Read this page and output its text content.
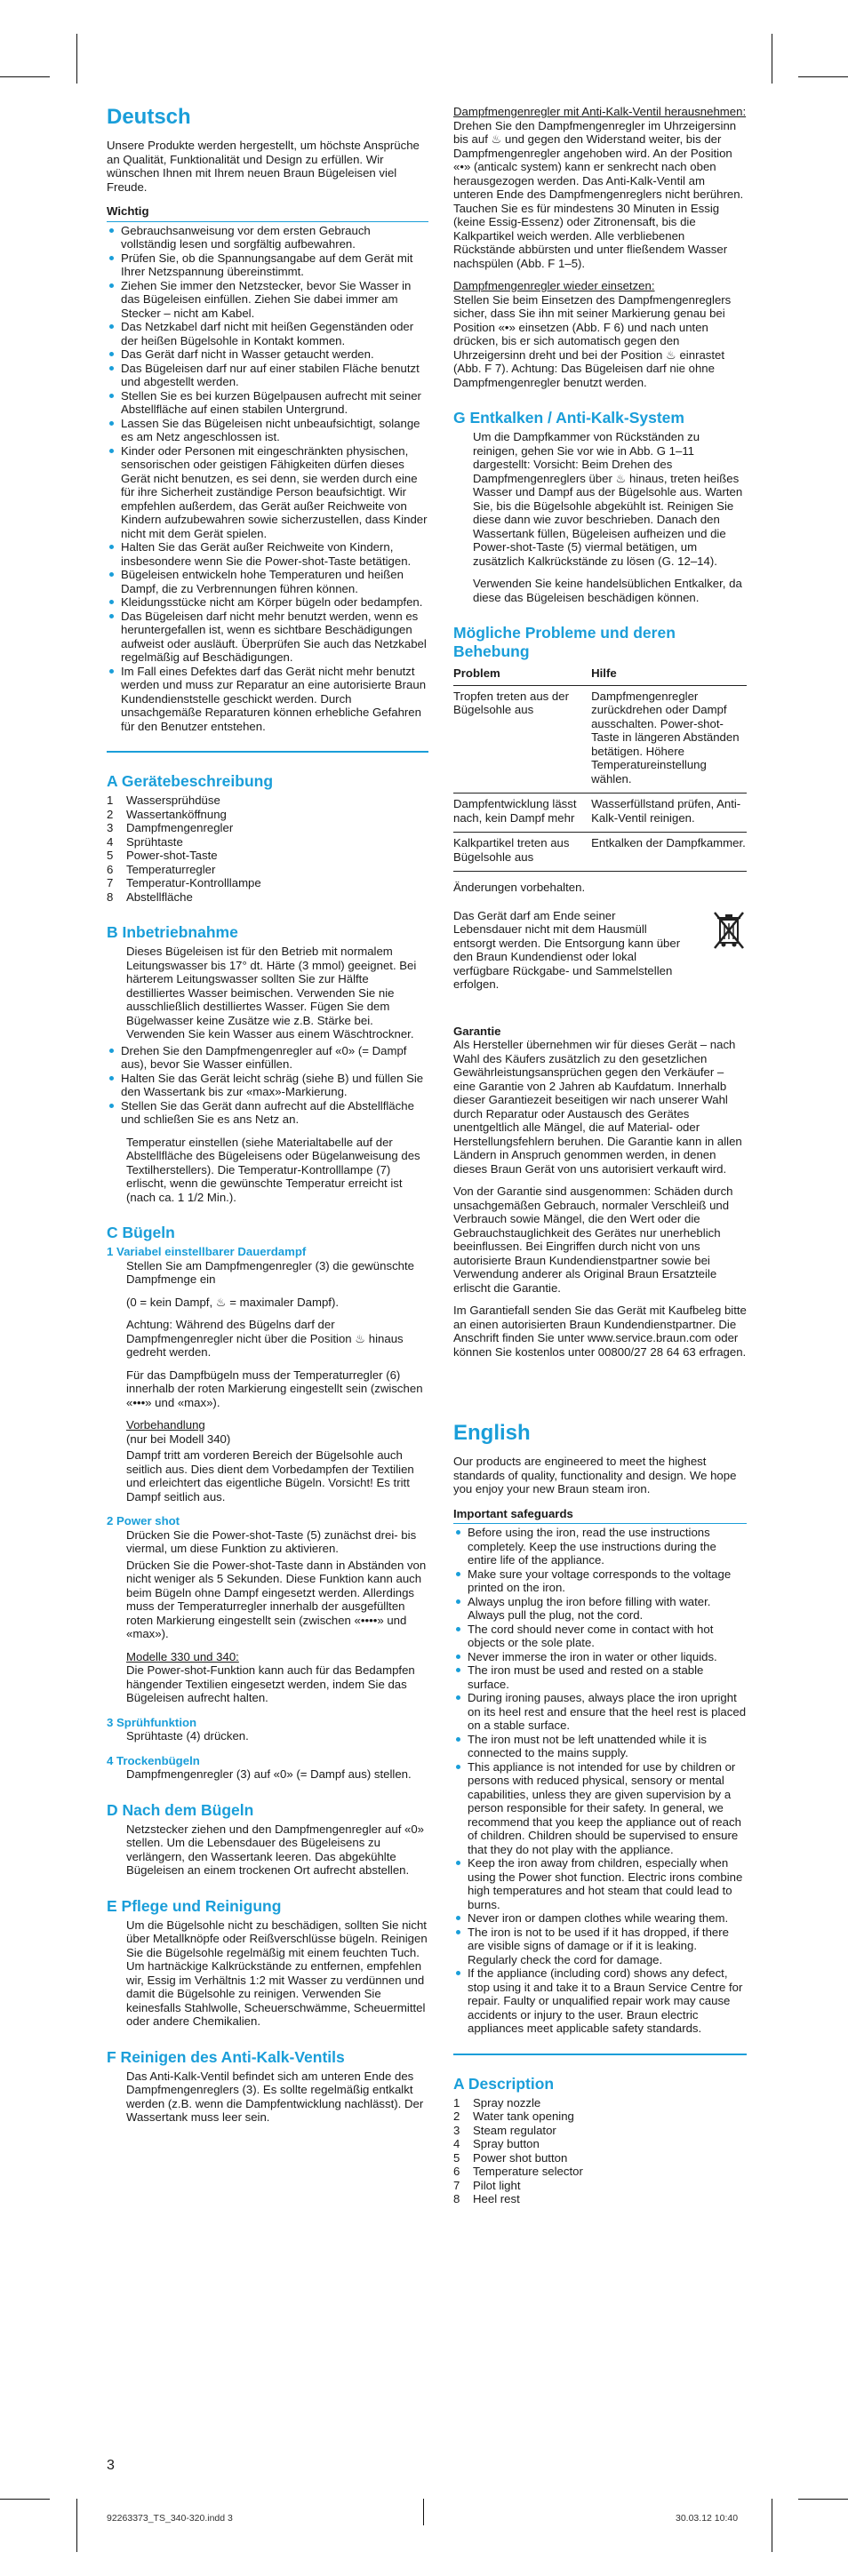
Deutsch

Unsere Produkte werden hergestellt, um höchste Ansprüche an Qualität, Funktionalität und Design zu erfüllen. Wir wünschen Ihnen mit Ihrem neuen Braun Bügeleisen viel Freude.

Wichtig
Gebrauchsanweisung vor dem ersten Gebrauch vollständig lesen und sorgfältig aufbewahren.
Prüfen Sie, ob die Spannungsangabe auf dem Gerät mit Ihrer Netzspannung übereinstimmt.
Ziehen Sie immer den Netzstecker, bevor Sie Wasser in das Bügeleisen einfüllen. Ziehen Sie dabei immer am Stecker – nicht am Kabel.
Das Netzkabel darf nicht mit heißen Gegenständen oder der heißen Bügelsohle in Kontakt kommen.
Das Gerät darf nicht in Wasser getaucht werden.
Das Bügeleisen darf nur auf einer stabilen Fläche benutzt und abgestellt werden.
Stellen Sie es bei kurzen Bügelpausen aufrecht mit seiner Abstellfläche auf einen stabilen Untergrund.
Lassen Sie das Bügeleisen nicht unbeaufsichtigt, solange es am Netz angeschlossen ist.
Kinder oder Personen mit eingeschränkten physischen, sensorischen oder geistigen Fähigkeiten dürfen dieses Gerät nicht benutzen, es sei denn, sie werden durch eine für ihre Sicherheit zuständige Person beaufsichtigt. Wir empfehlen außerdem, das Gerät außer Reichweite von Kindern aufzubewahren sowie sicherzustellen, dass Kinder nicht mit dem Gerät spielen.
Halten Sie das Gerät außer Reichweite von Kindern, insbesondere wenn Sie die Power-shot-Taste betätigen.
Bügeleisen entwickeln hohe Temperaturen und heißen Dampf, die zu Verbrennungen führen können.
Kleidungsstücke nicht am Körper bügeln oder bedampfen.
Das Bügeleisen darf nicht mehr benutzt werden, wenn es heruntergefallen ist, wenn es sichtbare Beschädigungen aufweist oder ausläuft. Überprüfen Sie auch das Netzkabel regelmäßig auf Beschädigungen.
Im Fall eines Defektes darf das Gerät nicht mehr benutzt werden und muss zur Reparatur an eine autorisierte Braun Kundendienststelle geschickt werden. Durch unsachgemäße Reparaturen können erhebliche Gefahren für den Benutzer entstehen.
A Gerätebeschreibung
1	Wassersprühdüse
2	Wassertanköffnung
3	Dampfmengenregler
4	Sprühtaste
5	Power-shot-Taste
6	Temperaturregler
7	Temperatur-Kontrolllampe
8	Abstellfläche
B Inbetriebnahme

Dieses Bügeleisen ist für den Betrieb mit normalem Leitungswasser bis 17° dt. Härte (3 mmol) geeignet. Bei härterem Leitungswasser sollten Sie zur Hälfte destilliertes Wasser beimischen. Verwenden Sie nie ausschließlich destilliertes Wasser. Fügen Sie dem Bügelwasser keine Zusätze wie z.B. Stärke bei. Verwenden Sie kein Wasser aus einem Wäschtrockner.

Drehen Sie den Dampfmengenregler auf «0» (= Dampf aus), bevor Sie Wasser einfüllen.
Halten Sie das Gerät leicht schräg (siehe B) und füllen Sie den Wassertank bis zur «max»-Markierung.
Stellen Sie das Gerät dann aufrecht auf die Abstellfläche und schließen Sie es ans Netz an.

Temperatur einstellen (siehe Materialtabelle auf der Abstellfläche des Bügeleisens oder Bügelanweisung des Textilherstellers). Die Temperatur-Kontrolllampe (7) erlischt, wenn die gewünschte Temperatur erreicht ist (nach ca. 1 1/2 Min.).

C Bügeln
1 Variabel einstellbarer Dauerdampf

Stellen Sie am Dampfmengenregler (3) die gewünschte Dampfmenge ein

(0 = kein Dampf, ♨ = maximaler Dampf).

Achtung: Während des Bügelns darf der Dampfmengenregler nicht über die Position ♨ hinaus gedreht werden.

Für das Dampfbügeln muss der Temperaturregler (6) innerhalb der roten Markierung eingestellt sein (zwischen «•••» und «max»).

Vorbehandlung

(nur bei Modell 340)

Dampf tritt am vorderen Bereich der Bügelsohle auch seitlich aus. Dies dient dem Vorbedampfen der Textilien und erleichtert das eigentliche Bügeln. Vorsicht! Es tritt Dampf seitlich aus.

2 Power shot

Drücken Sie die Power-shot-Taste (5) zunächst drei- bis viermal, um diese Funktion zu aktivieren.

Drücken Sie die Power-shot-Taste dann in Abständen von nicht weniger als 5 Sekunden. Diese Funktion kann auch beim Bügeln ohne Dampf eingesetzt werden. Allerdings muss der Temperaturregler innerhalb der ausgefüllten roten Markierung eingestellt sein (zwischen «••••» und «max»).

Modelle 330 und 340:

Die Power-shot-Funktion kann auch für das Bedampfen hängender Textilien eingesetzt werden, indem Sie das Bügeleisen aufrecht halten.

3 Sprühfunktion

Sprühtaste (4) drücken.

4 Trockenbügeln

Dampfmengenregler (3) auf «0» (= Dampf aus) stellen.

D Nach dem Bügeln

Netzstecker ziehen und den Dampfmengenregler auf «0» stellen. Um die Lebensdauer des Bügeleisens zu verlängern, den Wassertank leeren. Das abgekühlte Bügeleisen an einem trockenen Ort aufrecht abstellen.

E Pflege und Reinigung

Um die Bügelsohle nicht zu beschädigen, sollten Sie nicht über Metallknöpfe oder Reißverschlüsse bügeln. Reinigen Sie die Bügelsohle regelmäßig mit einem feuchten Tuch. Um hartnäckige Kalkrückstände zu entfernen, empfehlen wir, Essig im Verhältnis 1:2 mit Wasser zu verdünnen und damit die Bügelsohle zu reinigen. Verwenden Sie keinesfalls Stahlwolle, Scheuerschwämme, Scheuermittel oder andere Chemikalien.

F Reinigen des Anti-Kalk-Ventils

Das Anti-Kalk-Ventil befindet sich am unteren Ende des Dampfmengenreglers (3). Es sollte regelmäßig entkalkt werden (z.B. wenn die Dampfentwicklung nachlässt). Der Wassertank muss leer sein.

3

Dampfmengenregler mit Anti-Kalk-Ventil herausnehmen:

Drehen Sie den Dampfmengenregler im Uhrzeigersinn bis auf ♨ und gegen den Widerstand weiter, bis der Dampfmengenregler angehoben wird. An der Position «•» (anticalc system) kann er senkrecht nach oben herausgezogen werden. Das Anti-Kalk-Ventil am unteren Ende des Dampfmengenreglers nicht berühren. Tauchen Sie es für mindestens 30 Minuten in Essig (keine Essig-Essenz) oder Zitronensaft, bis die Kalkpartikel weich werden. Alle verbliebenen Rückstände abbürsten und unter fließendem Wasser nachspülen (Abb. F 1–5).

Dampfmengenregler wieder einsetzen:

Stellen Sie beim Einsetzen des Dampfmengenreglers sicher, dass Sie ihn mit seiner Markierung genau bei Position «•» einsetzen (Abb. F 6) und nach unten drücken, bis er sich automatisch gegen den Uhrzeigersinn dreht und bei der Position ♨ einrastet (Abb. F 7). Achtung: Das Bügeleisen darf nie ohne Dampfmengenregler benutzt werden.

G Entkalken / Anti-Kalk-System

Um die Dampfkammer von Rückständen zu reinigen, gehen Sie vor wie in Abb. G 1–11 dargestellt: Vorsicht: Beim Drehen des Dampfmengenreglers über ♨ hinaus, treten heißes Wasser und Dampf aus der Bügelsohle aus. Warten Sie, bis die Bügelsohle abgekühlt ist. Reinigen Sie diese dann wie zuvor beschrieben. Danach den Wassertank füllen, Bügeleisen aufheizen und die Power-shot-Taste (5) viermal betätigen, um zusätzlich Kalkrückstände zu lösen (G. 12–14).

Verwenden Sie keine handelsüblichen Entkalker, da diese das Bügeleisen beschädigen können.

Mögliche Probleme und deren Behebung
Problem	Hilfe
Tropfen treten aus der Bügelsohle aus	Dampfmengenregler zurückdrehen oder Dampf ausschalten. Power-shot-Taste in längeren Abständen betätigen. Höhere Temperatureinstellung wählen.
Dampfentwicklung lässt nach, kein Dampf mehr	Wasserfüllstand prüfen, Anti-Kalk-Ventil reinigen.
Kalkpartikel treten aus Bügelsohle aus	Entkalken der Dampfkammer.

Änderungen vorbehalten.

Das Gerät darf am Ende seiner Lebensdauer nicht mit dem Hausmüll entsorgt werden. Die Entsorgung kann über den Braun Kundendienst oder lokal verfügbare Rückgabe- und Sammelstellen erfolgen.

Garantie

Als Hersteller übernehmen wir für dieses Gerät – nach Wahl des Käufers zusätzlich zu den gesetzlichen Gewährleistungsansprüchen gegen den Verkäufer – eine Garantie von 2 Jahren ab Kaufdatum. Innerhalb dieser Garantiezeit beseitigen wir nach unserer Wahl durch Reparatur oder Austausch des Gerätes unentgeltlich alle Mängel, die auf Material- oder Herstellungsfehlern beruhen. Die Garantie kann in allen Ländern in Anspruch genommen werden, in denen dieses Braun Gerät von uns autorisiert verkauft wird.

Von der Garantie sind ausgenommen: Schäden durch unsachgemäßen Gebrauch, normaler Verschleiß und Verbrauch sowie Mängel, die den Wert oder die Gebrauchstauglichkeit des Gerätes nur unerheblich beeinflussen. Bei Eingriffen durch nicht von uns autorisierte Braun Kundendienstpartner sowie bei Verwendung anderer als Original Braun Ersatzteile erlischt die Garantie.

Im Garantiefall senden Sie das Gerät mit Kaufbeleg bitte an einen autorisierten Braun Kundendienstpartner. Die Anschrift finden Sie unter www.service.braun.com oder können Sie kostenlos unter 00800/27 28 64 63 erfragen.

English

Our products are engineered to meet the highest standards of quality, functionality and design. We hope you enjoy your new Braun steam iron.

Important safeguards
Before using the iron, read the use instructions completely. Keep the use instructions during the entire life of the appliance.
Make sure your voltage corresponds to the voltage printed on the iron.
Always unplug the iron before filling with water. Always pull the plug, not the cord.
The cord should never come in contact with hot objects or the sole plate.
Never immerse the iron in water or other liquids.
The iron must be used and rested on a stable surface.
During ironing pauses, always place the iron upright on its heel rest and ensure that the heel rest is placed on a stable surface.
The iron must not be left unattended while it is connected to the mains supply.
This appliance is not intended for use by children or persons with reduced physical, sensory or mental capabilities, unless they are given supervision by a person responsible for their safety. In general, we recommend that you keep the appliance out of reach of children. Children should be supervised to ensure that they do not play with the appliance.
Keep the iron away from children, especially when using the Power shot function. Electric irons combine high temperatures and hot steam that could lead to burns.
Never iron or dampen clothes while wearing them.
The iron is not to be used if it has dropped, if there are visible signs of damage or if it is leaking. Regularly check the cord for damage.
If the appliance (including cord) shows any defect, stop using it and take it to a Braun Service Centre for repair. Faulty or unqualified repair work may cause accidents or injury to the user. Braun electric appliances meet applicable safety standards.
A Description
1	Spray nozzle
2	Water tank opening
3	Steam regulator
4	Spray button
5	Power shot button
6	Temperature selector
7	Pilot light
8	Heel rest
92263373_TS_340-320.indd 3	30.03.12 10:40
